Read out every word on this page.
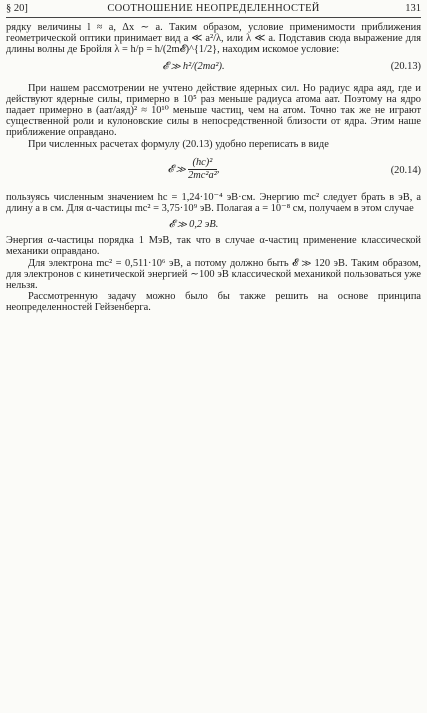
§ 20]	СООТНОШЕНИЕ НЕОПРЕДЕЛЕННОСТЕЙ	131

рядку величины l ≈ a, Δx ∼ a. Таким образом, условие применимости приближения геометрической оптики принимает вид a ≪ a²/λ, или λ ≪ a. Подставив сюда выражение для длины волны де Бройля λ = h/p = h/(2m𝓔)^{1/2}, находим искомое условие:

𝓔 ≫ h²/(2ma²).	(20.13)

При нашем рассмотрении не учтено действие ядерных сил. Но радиус ядра aяд, где и действуют ядерные силы, примерно в 10⁵ раз меньше радиуса атома aат. Поэтому на ядро падает примерно в (aат/aяд)² ≈ 10¹⁰ меньше частиц, чем на атом. Точно так же не играют существенной роли и кулоновские силы в непосредственной близости от ядра. Этим наше приближение оправдано.

При численных расчетах формулу (20.13) удобно переписать в виде

𝓔 ≫ $\frac{\text{(hc)²}}{\text{2mc²a²}}$ ,	(20.14)

пользуясь численным значением hc = 1,24·10⁻⁴ эВ·см. Энергию mc² следует брать в эВ, а длину a в см. Для α-частицы mc² = 3,75·10⁹ эВ. Полагая a = 10⁻⁸ см, получаем в этом случае

𝓔 ≫ 0,2 эВ.

Энергия α-частицы порядка 1 МэВ, так что в случае α-частиц применение классической механики оправдано.

Для электрона mc² = 0,511·10⁶ эВ, а потому должно быть 𝓔 ≫ 120 эВ. Таким образом, для электронов с кинетической энергией ∼100 эВ классической механикой пользоваться уже нельзя.

Рассмотренную задачу можно было бы также решить на основе принципа неопределенностей Гейзенберга.
